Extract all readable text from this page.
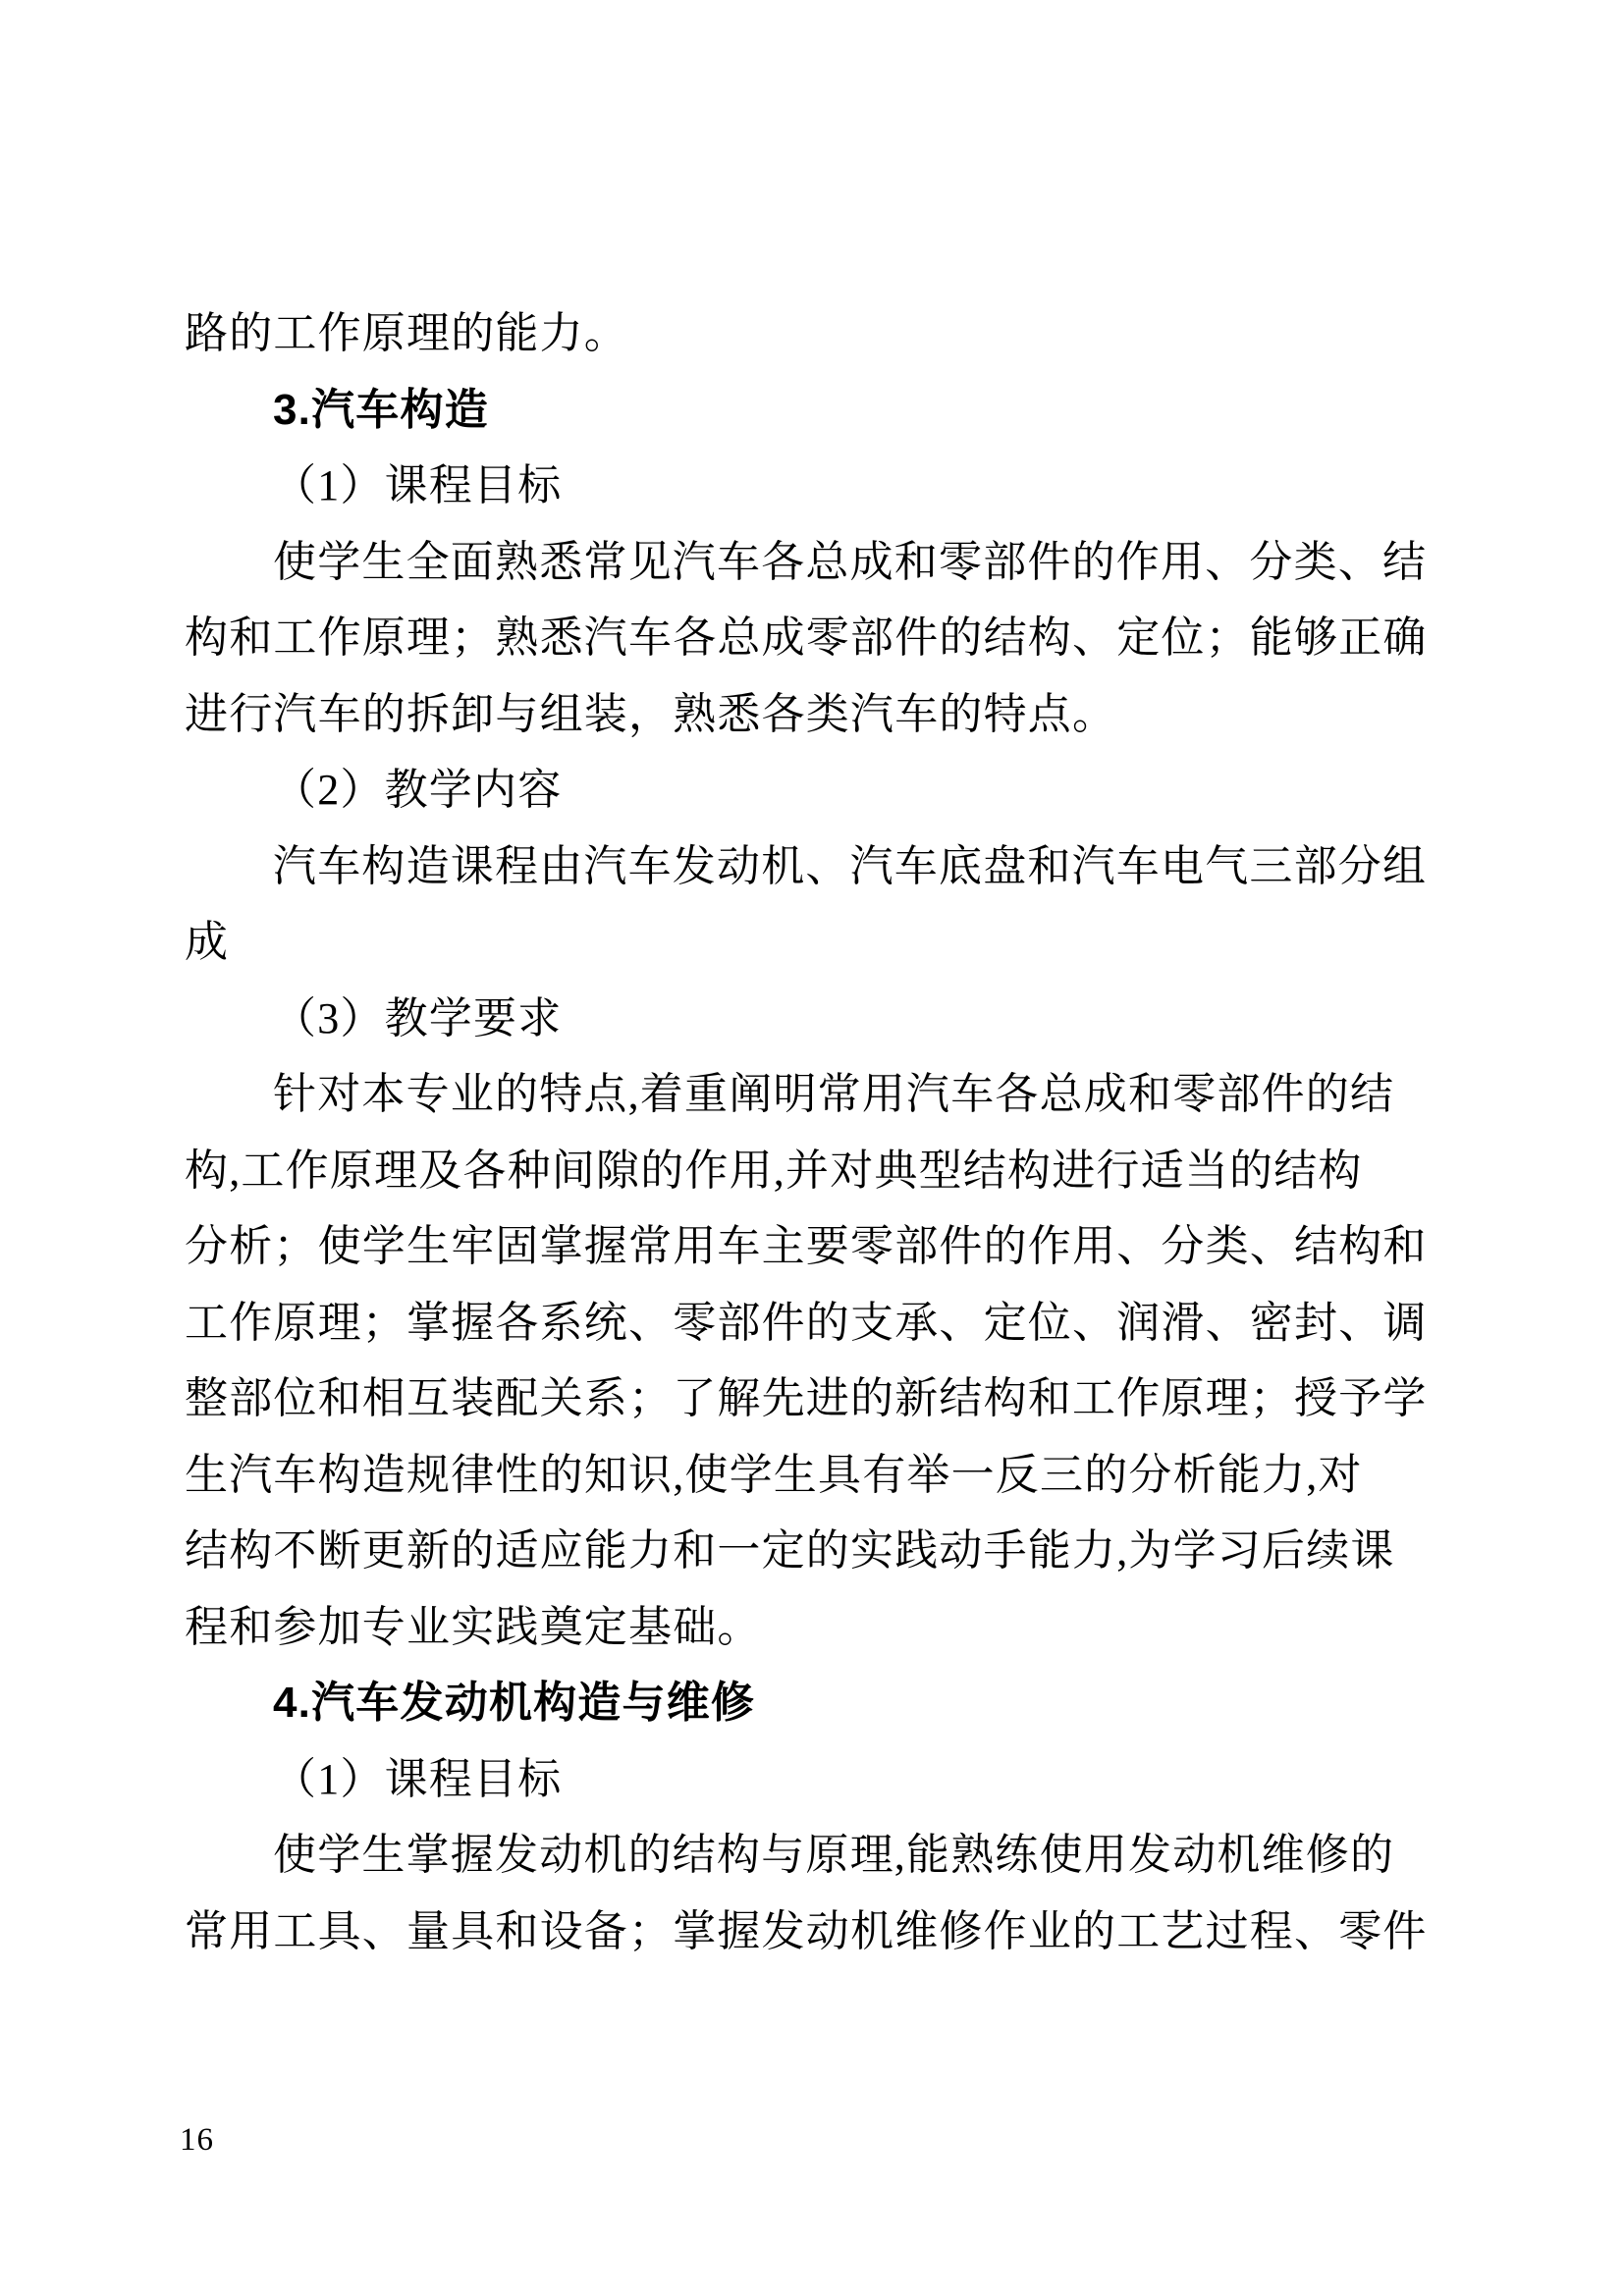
路的工作原理的能力。
3.汽车构造
（1）课程目标
使学生全面熟悉常见汽车各总成和零部件的作用、分类、结
构和工作原理；熟悉汽车各总成零部件的结构、定位；能够正确
进行汽车的拆卸与组装，熟悉各类汽车的特点。
（2）教学内容
汽车构造课程由汽车发动机、汽车底盘和汽车电气三部分组
成
（3）教学要求
针对本专业的特点,着重阐明常用汽车各总成和零部件的结
构,工作原理及各种间隙的作用,并对典型结构进行适当的结构
分析；使学生牢固掌握常用车主要零部件的作用、分类、结构和
工作原理；掌握各系统、零部件的支承、定位、润滑、密封、调
整部位和相互装配关系；了解先进的新结构和工作原理；授予学
生汽车构造规律性的知识,使学生具有举一反三的分析能力,对
结构不断更新的适应能力和一定的实践动手能力,为学习后续课
程和参加专业实践奠定基础。
4.汽车发动机构造与维修
（1）课程目标
使学生掌握发动机的结构与原理,能熟练使用发动机维修的
常用工具、量具和设备；掌握发动机维修作业的工艺过程、零件
16
